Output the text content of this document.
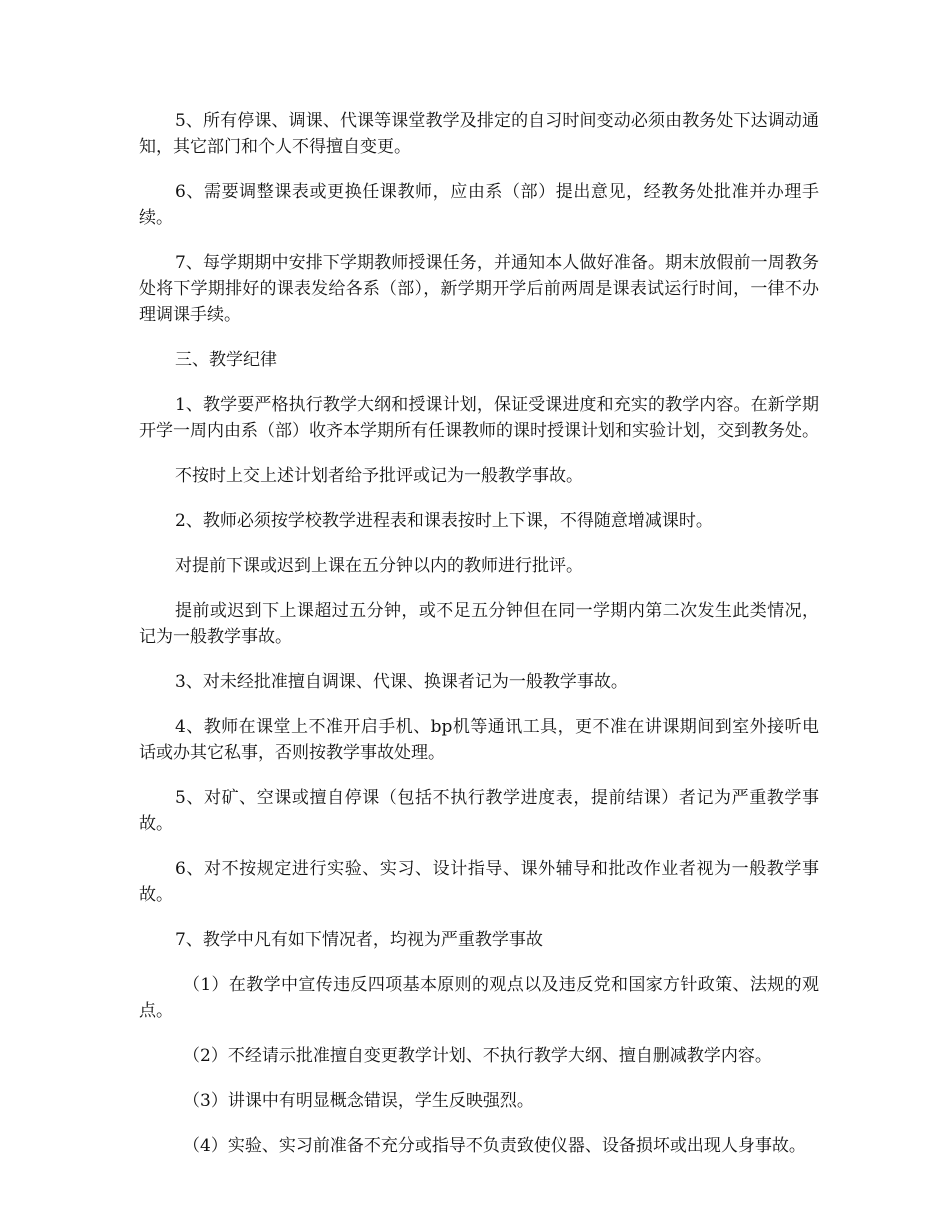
5、所有停课、调课、代课等课堂教学及排定的自习时间变动必须由教务处下达调动通知，其它部门和个人不得擅自变更。

6、需要调整课表或更换任课教师，应由系（部）提出意见，经教务处批准并办理手续。

7、每学期期中安排下学期教师授课任务，并通知本人做好准备。期末放假前一周教务处将下学期排好的课表发给各系（部），新学期开学后前两周是课表试运行时间，一律不办理调课手续。

三、教学纪律

1、教学要严格执行教学大纲和授课计划，保证受课进度和充实的教学内容。在新学期开学一周内由系（部）收齐本学期所有任课教师的课时授课计划和实验计划，交到教务处。

不按时上交上述计划者给予批评或记为一般教学事故。

2、教师必须按学校教学进程表和课表按时上下课，不得随意增减课时。

对提前下课或迟到上课在五分钟以内的教师进行批评。

提前或迟到下上课超过五分钟，或不足五分钟但在同一学期内第二次发生此类情况，记为一般教学事故。

3、对未经批准擅自调课、代课、换课者记为一般教学事故。

4、教师在课堂上不准开启手机、bp机等通讯工具，更不准在讲课期间到室外接听电话或办其它私事，否则按教学事故处理。

5、对矿、空课或擅自停课（包括不执行教学进度表，提前结课）者记为严重教学事故。

6、对不按规定进行实验、实习、设计指导、课外辅导和批改作业者视为一般教学事故。

7、教学中凡有如下情况者，均视为严重教学事故

（1）在教学中宣传违反四项基本原则的观点以及违反党和国家方针政策、法规的观点。

（2）不经请示批准擅自变更教学计划、不执行教学大纲、擅自删减教学内容。

（3）讲课中有明显概念错误，学生反映强烈。

（4）实验、实习前准备不充分或指导不负责致使仪器、设备损坏或出现人身事故。
